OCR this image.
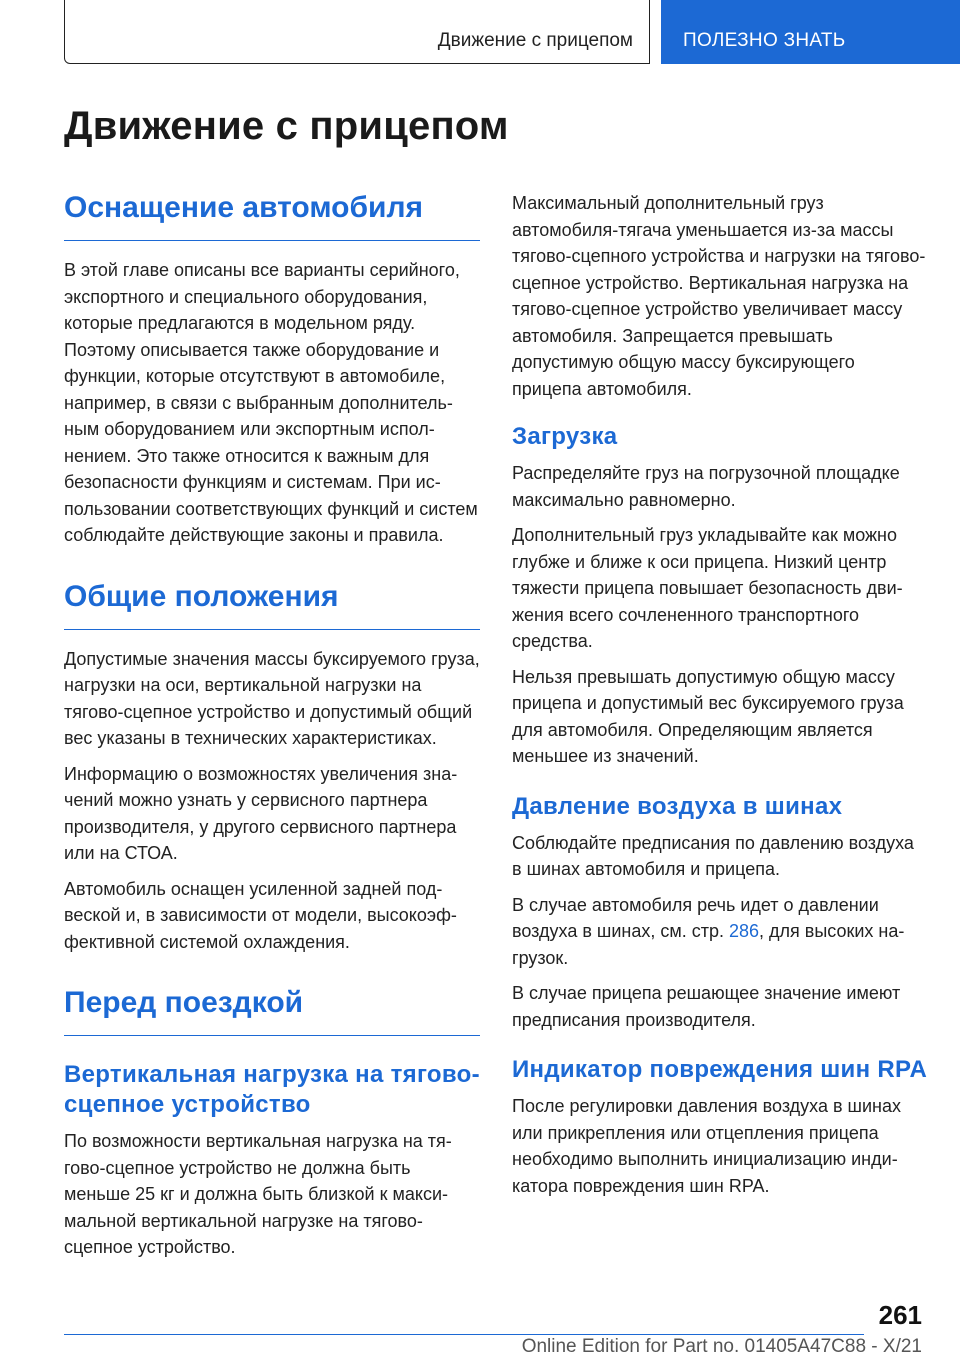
Движение с прицепом	ПОЛЕЗНО ЗНАТЬ
Движение с прицепом
Оснащение автомобиля

В этой главе описаны все варианты серийного, экспортного и специального оборудования, которые предлагаются в модельном ряду. Поэтому описывается также оборудование и функции, которые отсутствуют в автомобиле, например, в связи с выбранным дополнительным оборудованием или экспортным исполнением. Это также относится к важным для безопасности функциям и системам. При использовании соответствующих функций и систем соблюдайте действующие законы и правила.

Общие положения

Допустимые значения массы буксируемого груза, нагрузки на оси, вертикальной нагрузки на тягово-сцепное устройство и допустимый общий вес указаны в технических характеристиках.

Информацию о возможностях увеличения значений можно узнать у сервисного партнера производителя, у другого сервисного партнера или на СТОА.

Автомобиль оснащен усиленной задней подвеской и, в зависимости от модели, высокоэффективной системой охлаждения.

Перед поездкой
Вертикальная нагрузка на тягово-сцепное устройство

По возможности вертикальная нагрузка на тягово-сцепное устройство не должна быть меньше 25 кг и должна быть близкой к максимальной вертикальной нагрузке на тягово-сцепное устройство.

Максимальный дополнительный груз автомобиля-тягача уменьшается из-за массы тягово-сцепного устройства и нагрузки на тягово-сцепное устройство. Вертикальная нагрузка на тягово-сцепное устройство увеличивает массу автомобиля. Запрещается превышать допустимую общую массу буксирующего прицепа автомобиля.

Загрузка

Распределяйте груз на погрузочной площадке максимально равномерно.

Дополнительный груз укладывайте как можно глубже и ближе к оси прицепа. Низкий центр тяжести прицепа повышает безопасность движения всего сочлененного транспортного средства.

Нельзя превышать допустимую общую массу прицепа и допустимый вес буксируемого груза для автомобиля. Определяющим является меньшее из значений.

Давление воздуха в шинах

Соблюдайте предписания по давлению воздуха в шинах автомобиля и прицепа.

В случае автомобиля речь идет о давлении воздуха в шинах, см. стр. 286, для высоких нагрузок.

В случае прицепа решающее значение имеют предписания производителя.

Индикатор повреждения шин RPA

После регулировки давления воздуха в шинах или прикрепления или отцепления прицепа необходимо выполнить инициализацию индикатора повреждения шин RPA.

261
Online Edition for Part no. 01405A47C88 - X/21
